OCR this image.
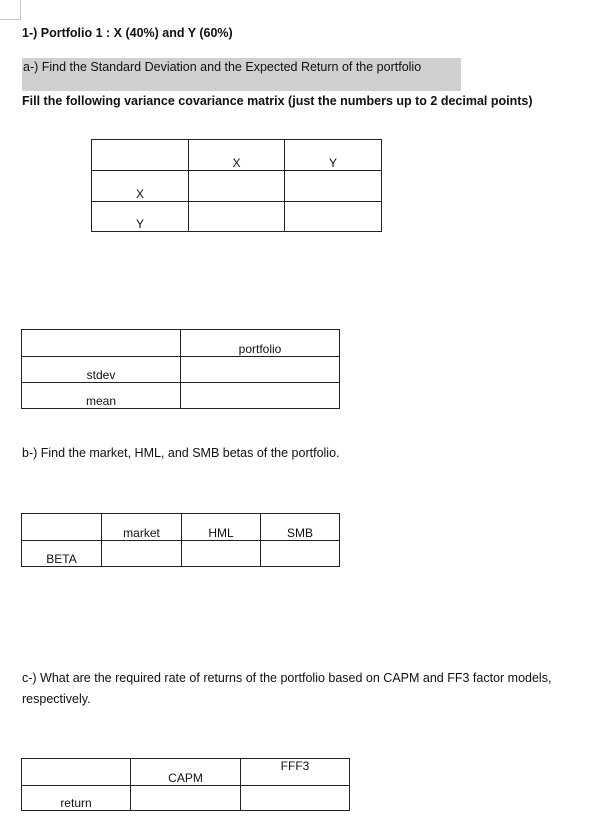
1-) Portfolio 1 : X (40%) and Y (60%)
a-) Find the Standard Deviation and the Expected Return of the portfolio
Fill the following variance covariance matrix (just the numbers up to 2 decimal points)
	X	Y
X		
Y		
	portfolio
stdev	
mean	
b-) Find the market, HML, and SMB betas of the portfolio.
	market	HML	SMB
BETA			
c-) What are the required rate of returns of the portfolio based on CAPM and FF3 factor models, respectively.
	CAPM	FFF3
return		
